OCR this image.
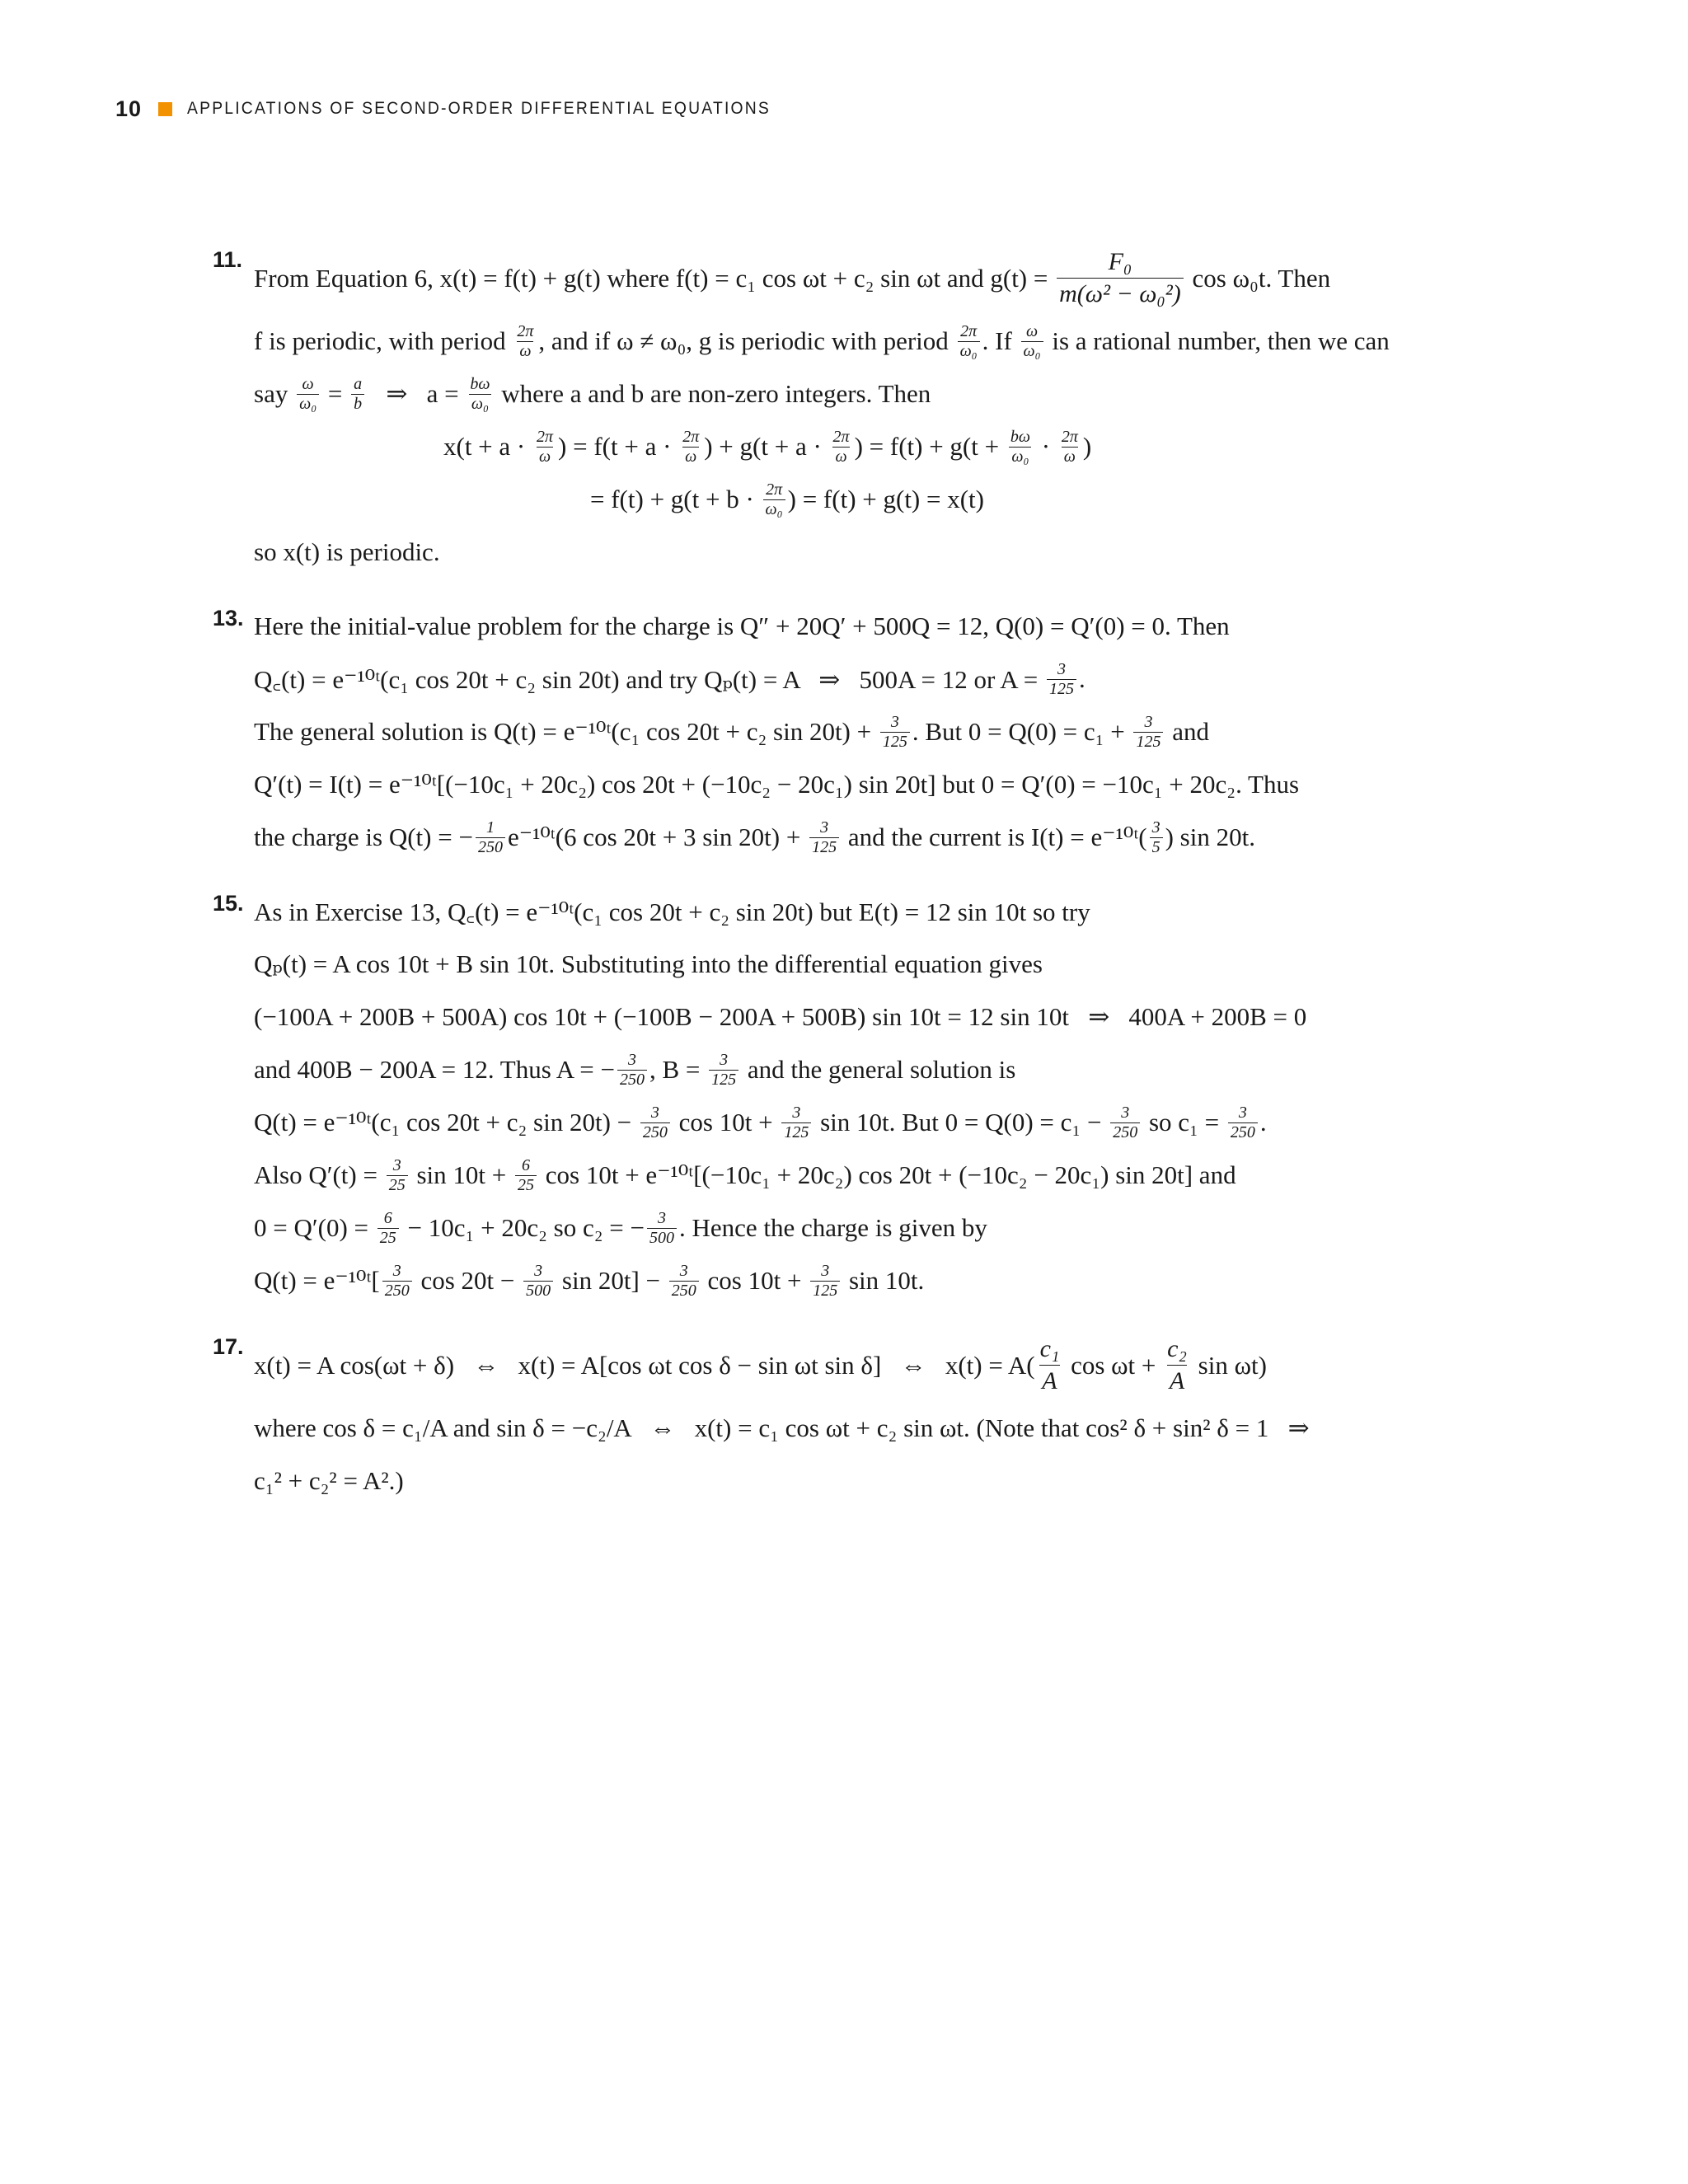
10	APPLICATIONS OF SECOND-ORDER DIFFERENTIAL EQUATIONS
11.
From Equation 6, x(t) = f(t) + g(t) where f(t) = c₁ cos ωt + c₂ sin ωt and $g(t) = \frac{\text{F₀}}{\text{m(ω² − ω₀²)}}$ cos ω₀t. Then
f is periodic, with period $\frac{2\pi}{\omega}$ , and if ω ≠ ω₀, g is periodic with period $\frac{2\pi}{\text{ω₀}}$ . If $\frac{\omega}{\text{ω₀}}$ is a rational number, then we can
say $\frac{\omega}{\text{ω₀}} = \frac{a}{b}$ ⇒   $a = \frac{b\omega}{\text{ω₀}}$ where a and b are non-zero integers. Then
$x(t + a \cdot \frac{2\pi}{\omega}$ ) = $f(t + a \cdot \frac{2\pi}{\omega}$ ) + $g(t + a \cdot \frac{2\pi}{\omega}$ ) = $f(t) + g(t + \frac{b\omega}{\text{ω₀}} \cdot \frac{2\pi}{\omega}$ )
= $f(t) + g(t + b \cdot \frac{2\pi}{\text{ω₀}}$ ) = f(t) + g(t) = x(t)
so x(t) is periodic.
13. Here the initial-value problem for the charge is Q″ + 20Q′ + 500Q = 12, Q(0) = Q′(0) = 0. Then
Q꜀(t) = e⁻¹⁰ᵗ(c₁ cos 20t + c₂ sin 20t) and try Qₚ(t) = A   ⇒   500A = 12 or $A = \frac{3}{125}$ .
The general solution is Q(t) = e⁻¹⁰ᵗ(c₁ cos 20t + c₂ $\sin 20t) + \frac{3}{125}$ . But $0 = Q(0) = c_1 + \frac{3}{125}$ and
Q′(t) = I(t) = e⁻¹⁰ᵗ[(−10c₁ + 20c₂) cos 20t + (−10c₂ − 20c₁) sin 20t] but 0 = Q′(0) = −10c₁ + 20c₂. Thus
the charge is Q(t) = − $\frac{1}{250}$ e⁻¹⁰ᵗ(6 cos 20t + 3 $\sin 20t) + \frac{3}{125}$ and the current is I(t) = e⁻¹⁰ᵗ( $\frac{3}{5}$ ) sin 20t.
15. As in Exercise 13, Q꜀(t) = e⁻¹⁰ᵗ(c₁ cos 20t + c₂ sin 20t) but E(t) = 12 sin 10t so try
Qₚ(t) = A cos 10t + B sin 10t. Substituting into the differential equation gives
(−100A + 200B + 500A) cos 10t + (−100B − 200A + 500B) sin 10t = 12 sin 10t   ⇒   400A + 200B = 0
and 400B − 200A = 12. Thus A = − $\frac{3}{250}$ , $B = \frac{3}{125}$ and the general solution is
Q(t) = e⁻¹⁰ᵗ(c₁ cos 20t + c₂ $\sin 20t) - \frac{3}{250}$ $\cos 10t + \frac{3}{125}$ sin 10t. But $0 = Q(0) = c_1 - \frac{3}{250}$ so $c_1 = \frac{3}{250}$ .
Also $Q'(t) = \frac{3}{25}$ $\sin 10t + \frac{6}{25}$ cos 10t + e⁻¹⁰ᵗ[(−10c₁ + 20c₂) cos 20t + (−10c₂ − 20c₁) sin 20t] and
$0 = Q'(0) = \frac{6}{25} - 10c_1 + 20c_2$ so c₂ = − $\frac{3}{500}$ . Hence the charge is given by
Q(t) = e⁻¹⁰ᵗ[ $\frac{3}{250}$ $\cos 20t - \frac{3}{500}$ $\sin 20t] - \frac{3}{250}$ $\cos 10t + \frac{3}{125}$ sin 10t.
17.
x(t) = A cos(ωt + δ)   ⇔   x(t) = A[cos ωt cos δ − sin ωt sin δ]   ⇔   $x(t) = A( \frac{\text{c₁}}{A}$ $\cos \omega t + \frac{\text{c₂}}{A}$ sin ωt)
where cos δ = c₁/A and sin δ = −c₂/A   ⇔   x(t) = c₁ cos ωt + c₂ sin ωt. (Note that cos² δ + sin² δ = 1   ⇒
c₁² + c₂² = A².)
